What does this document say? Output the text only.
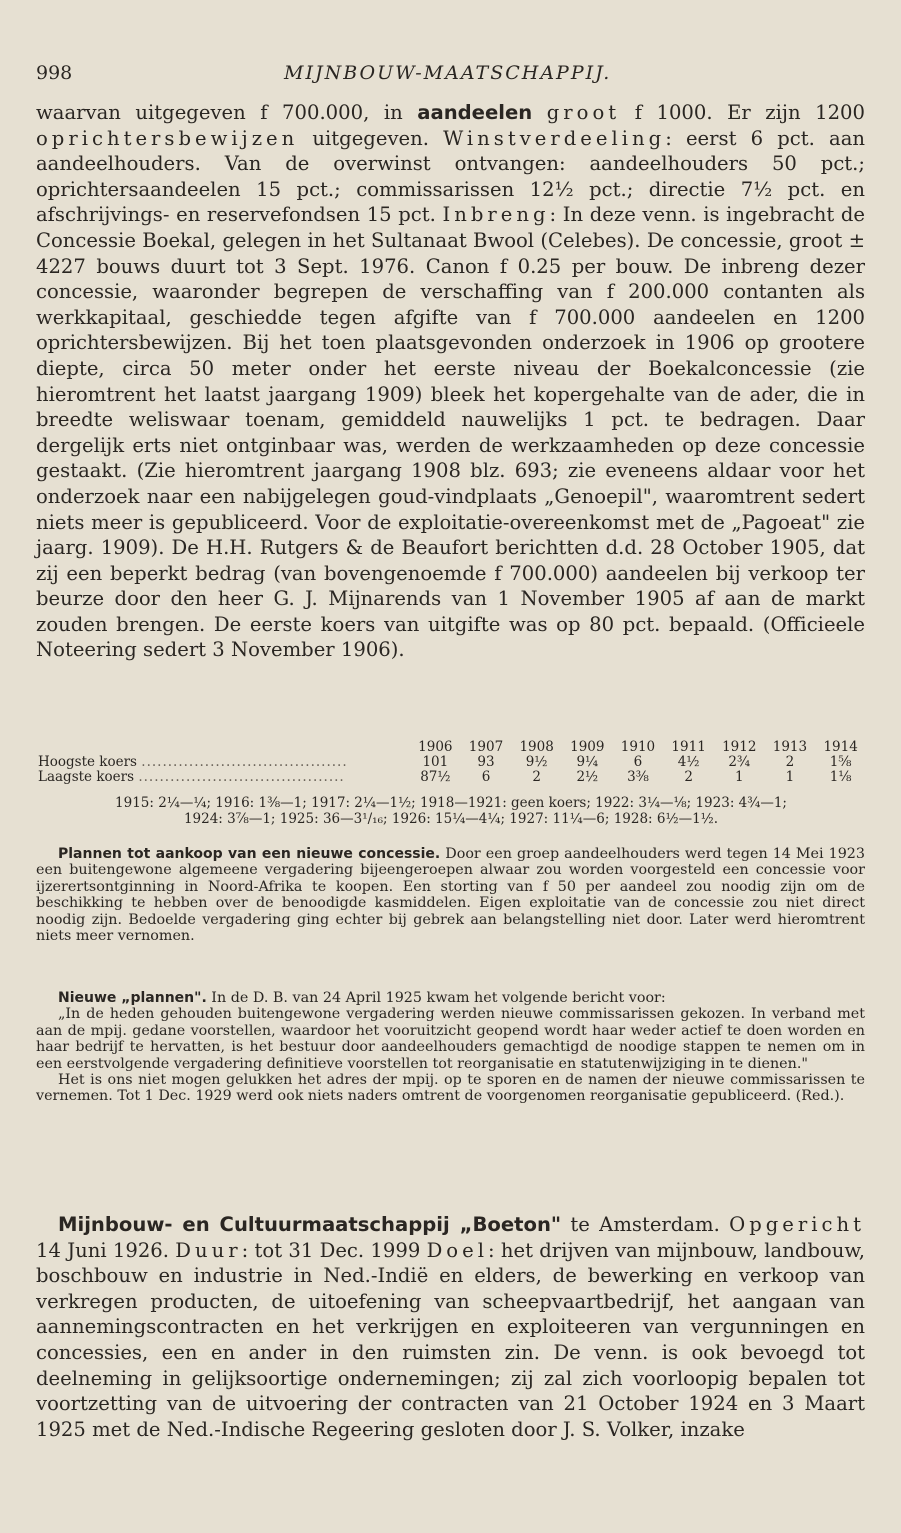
998	MIJNBOUW-MAATSCHAPPIJ.

waarvan uitgegeven f 700.000, in aandeelen groot f 1000. Er zijn 1200 oprichtersbewijzen uitgegeven. Winstverdeeling: eerst 6 pct. aan aandeelhouders. Van de overwinst ontvangen: aandeelhouders 50 pct.; oprichtersaandeelen 15 pct.; commissarissen 12½ pct.; directie 7½ pct. en afschrijvings- en reservefondsen 15 pct. Inbreng: In deze venn. is ingebracht de Concessie Boekal, gelegen in het Sultanaat Bwool (Celebes). De concessie, groot ± 4227 bouws duurt tot 3 Sept. 1976. Canon f 0.25 per bouw. De inbreng dezer concessie, waaronder begrepen de verschaffing van f 200.000 contanten als werkkapitaal, geschiedde tegen afgifte van f 700.000 aandeelen en 1200 oprichtersbewijzen. Bij het toen plaatsgevonden onderzoek in 1906 op grootere diepte, circa 50 meter onder het eerste niveau der Boekalconcessie (zie hieromtrent het laatst jaargang 1909) bleek het kopergehalte van de ader, die in breedte weliswaar toenam, gemiddeld nauwelijks 1 pct. te bedragen. Daar dergelijk erts niet ontginbaar was, werden de werkzaamheden op deze concessie gestaakt. (Zie hieromtrent jaargang 1908 blz. 693; zie eveneens aldaar voor het onderzoek naar een nabijgelegen goud-vindplaats „Genoepil", waaromtrent sedert niets meer is gepubliceerd. Voor de exploitatie-overeenkomst met de „Pagoeat" zie jaarg. 1909). De H.H. Rutgers & de Beaufort berichtten d.d. 28 October 1905, dat zij een beperkt bedrag (van bovengenoemde f 700.000) aandeelen bij verkoop ter beurze door den heer G. J. Mijnarends van 1 November 1905 af aan de markt zouden brengen. De eerste koers van uitgifte was op 80 pct. bepaald. (Officieele Noteering sedert 3 November 1906).

	1906	1907	1908	1909	1910	1911	1912	1913	1914
Hoogste koers .......................................	101	93	9½	9¼	6	4½	2¾	2	1⅝
Laagste koers .......................................	87½	6	2	2½	3⅜	2	1	1	1⅛
1915: 2¼—¼; 1916: 1⅜—1; 1917: 2¼—1½; 1918—1921: geen koers; 1922: 3¼—⅛; 1923: 4¾—1;
1924: 3⅞—1; 1925: 36—3¹/₁₆; 1926: 15¼—4¼; 1927: 11¼—6; 1928: 6½—1½.

Plannen tot aankoop van een nieuwe concessie. Door een groep aandeelhouders werd tegen 14 Mei 1923 een buitengewone algemeene vergadering bijeengeroepen alwaar zou worden voorgesteld een concessie voor ijzerertsontginning in Noord-Afrika te koopen. Een storting van f 50 per aandeel zou noodig zijn om de beschikking te hebben over de benoodigde kasmiddelen. Eigen exploitatie van de concessie zou niet direct noodig zijn. Bedoelde vergadering ging echter bij gebrek aan belangstelling niet door. Later werd hieromtrent niets meer vernomen.

Nieuwe „plannen". In de D. B. van 24 April 1925 kwam het volgende bericht voor:

„In de heden gehouden buitengewone vergadering werden nieuwe commissarissen gekozen. In verband met aan de mpij. gedane voorstellen, waardoor het vooruitzicht geopend wordt haar weder actief te doen worden en haar bedrijf te hervatten, is het bestuur door aandeelhouders gemachtigd de noodige stappen te nemen om in een eerstvolgende vergadering definitieve voorstellen tot reorganisatie en statutenwijziging in te dienen."

Het is ons niet mogen gelukken het adres der mpij. op te sporen en de namen der nieuwe commissarissen te vernemen. Tot 1 Dec. 1929 werd ook niets naders omtrent de voorgenomen reorganisatie gepubliceerd. (Red.).

Mijnbouw- en Cultuurmaatschappij „Boeton" te Amsterdam. Opgericht 14 Juni 1926. Duur: tot 31 Dec. 1999 Doel: het drijven van mijnbouw, landbouw, boschbouw en industrie in Ned.-Indië en elders, de bewerking en verkoop van verkregen producten, de uitoefening van scheepvaartbedrijf, het aangaan van aannemingscontracten en het verkrijgen en exploiteeren van vergunningen en concessies, een en ander in den ruimsten zin. De venn. is ook bevoegd tot deelneming in gelijksoortige ondernemingen; zij zal zich voorloopig bepalen tot voortzetting van de uitvoering der contracten van 21 October 1924 en 3 Maart 1925 met de Ned.-Indische Regeering gesloten door J. S. Volker, inzake
